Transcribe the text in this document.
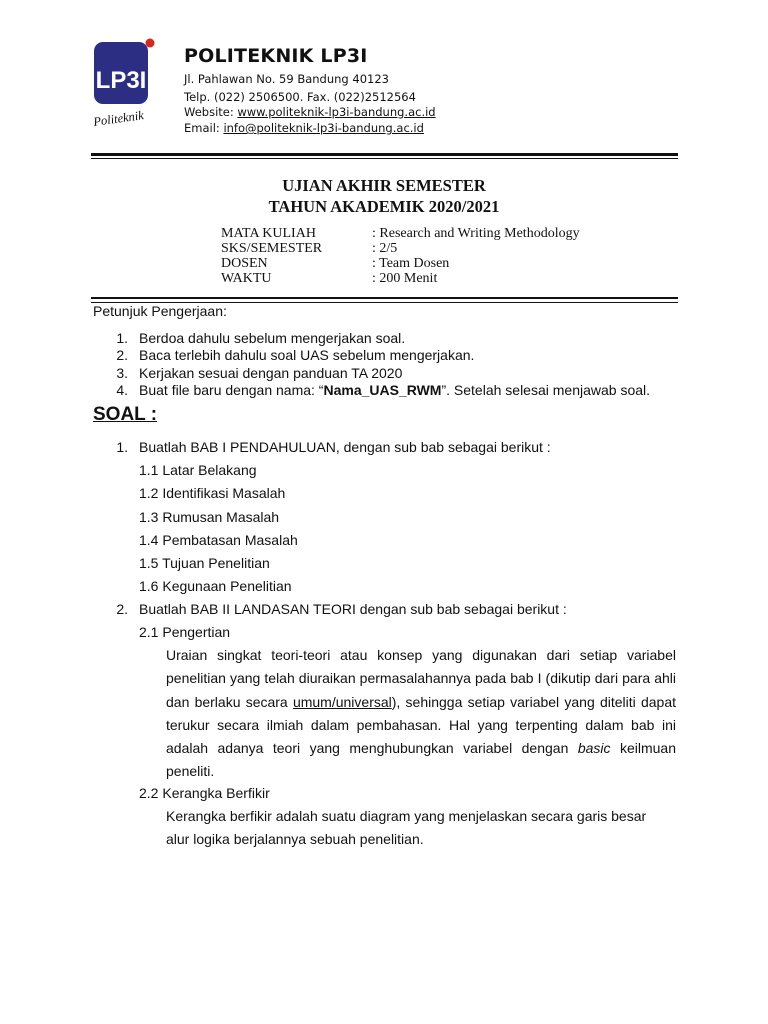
LP3I
Politeknik
POLITEKNIK LP3I
Jl. Pahlawan No. 59 Bandung 40123
Telp. (022) 2506500. Fax. (022)2512564
Website: www.politeknik-lp3i-bandung.ac.id
Email: info@politeknik-lp3i-bandung.ac.id
UJIAN AKHIR SEMESTER
TAHUN AKADEMIK 2020/2021
MATA KULIAH	: Research and Writing Methodology
SKS/SEMESTER	: 2/5
DOSEN	: Team Dosen
WAKTU	: 200 Menit
Petunjuk Pengerjaan:
1. Berdoa dahulu sebelum mengerjakan soal.
2. Baca terlebih dahulu soal UAS sebelum mengerjakan.
3. Kerjakan sesuai dengan panduan TA 2020
4. Buat file baru dengan nama: “Nama_UAS_RWM”. Setelah selesai menjawab soal.
SOAL :
1. Buatlah BAB I PENDAHULUAN, dengan sub bab sebagai berikut :
1.1 Latar Belakang
1.2 Identifikasi Masalah
1.3 Rumusan Masalah
1.4 Pembatasan Masalah
1.5 Tujuan Penelitian
1.6 Kegunaan Penelitian
2. Buatlah BAB II LANDASAN TEORI dengan sub bab sebagai berikut :
2.1 Pengertian
Uraian singkat teori-teori atau konsep yang digunakan dari setiap variabel penelitian yang telah diuraikan permasalahannya pada bab I (dikutip dari para ahli dan berlaku secara umum/universal), sehingga setiap variabel yang diteliti dapat terukur secara ilmiah dalam pembahasan. Hal yang terpenting dalam bab ini adalah adanya teori yang menghubungkan variabel dengan basic keilmuan peneliti.
2.2 Kerangka Berfikir
Kerangka berfikir adalah suatu diagram yang menjelaskan secara garis besar
alur logika berjalannya sebuah penelitian.
